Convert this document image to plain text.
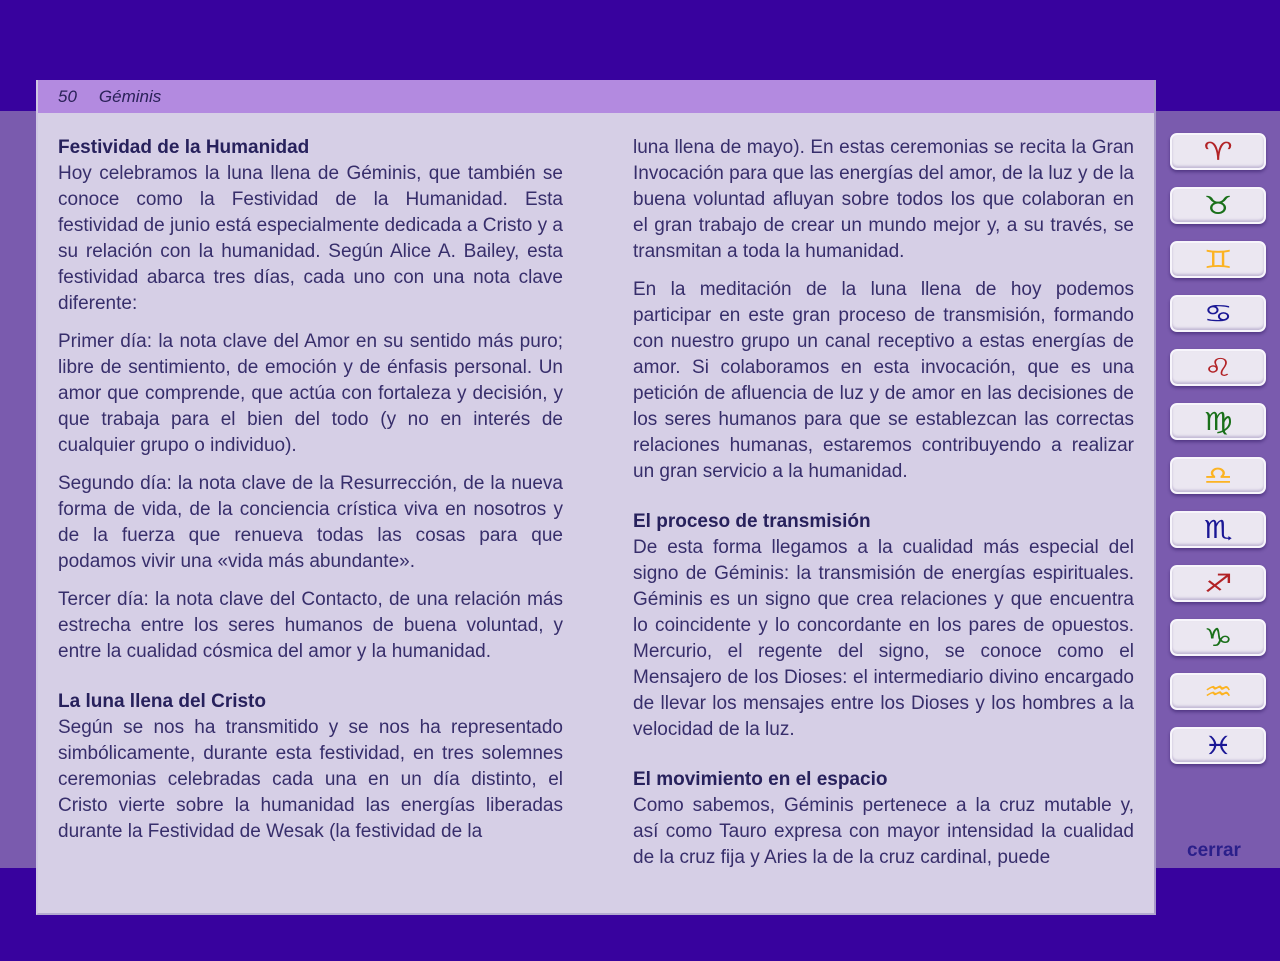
50 Géminis
Festividad de la Humanidad

Hoy celebramos la luna llena de Géminis, que también se conoce como la Festividad de la Humanidad. Esta festividad de junio está especialmente dedicada a Cristo y a su relación con la humanidad. Según Alice A. Bailey, esta festividad abarca tres días, cada uno con una nota clave diferente:

Primer día: la nota clave del Amor en su sentido más puro; libre de sentimiento, de emoción y de énfasis personal. Un amor que comprende, que actúa con fortaleza y decisión, y que trabaja para el bien del todo (y no en interés de cualquier grupo o individuo).

Segundo día: la nota clave de la Resurrección, de la nueva forma de vida, de la conciencia crística viva en nosotros y de la fuerza que renueva todas las cosas para que podamos vivir una «vida más abundante».

Tercer día: la nota clave del Contacto, de una relación más estrecha entre los seres humanos de buena voluntad, y entre la cualidad cósmica del amor y la humanidad.

La luna llena del Cristo

Según se nos ha transmitido y se nos ha representado simbólicamente, durante esta festividad, en tres solemnes ceremonias celebradas cada una en un día distinto, el Cristo vierte sobre la humanidad las energías liberadas durante la Festividad de Wesak (la festividad de la

luna llena de mayo). En estas ceremonias se recita la Gran Invocación para que las energías del amor, de la luz y de la buena voluntad afluyan sobre todos los que colaboran en el gran trabajo de crear un mundo mejor y, a su través, se transmitan a toda la humanidad.

En la meditación de la luna llena de hoy podemos participar en este gran proceso de transmisión, formando con nuestro grupo un canal receptivo a estas energías de amor. Si colaboramos en esta invocación, que es una petición de afluencia de luz y de amor en las decisiones de los seres humanos para que se establezcan las correctas relaciones humanas, estaremos contribuyendo a realizar un gran servicio a la humanidad.

El proceso de transmisión

De esta forma llegamos a la cualidad más especial del signo de Géminis: la transmisión de energías espirituales. Géminis es un signo que crea relaciones y que encuentra lo coincidente y lo concordante en los pares de opuestos. Mercurio, el regente del signo, se conoce como el Mensajero de los Dioses: el intermediario divino encargado de llevar los mensajes entre los Dioses y los hombres a la velocidad de la luz.

El movimiento en el espacio

Como sabemos, Géminis pertenece a la cruz mutable y, así como Tauro expresa con mayor intensidad la cualidad de la cruz fija y Aries la de la cruz cardinal, puede

♈
♉
♊
♋
♌
♍
♎
♏
♐
♑
♒
♓
cerrar
